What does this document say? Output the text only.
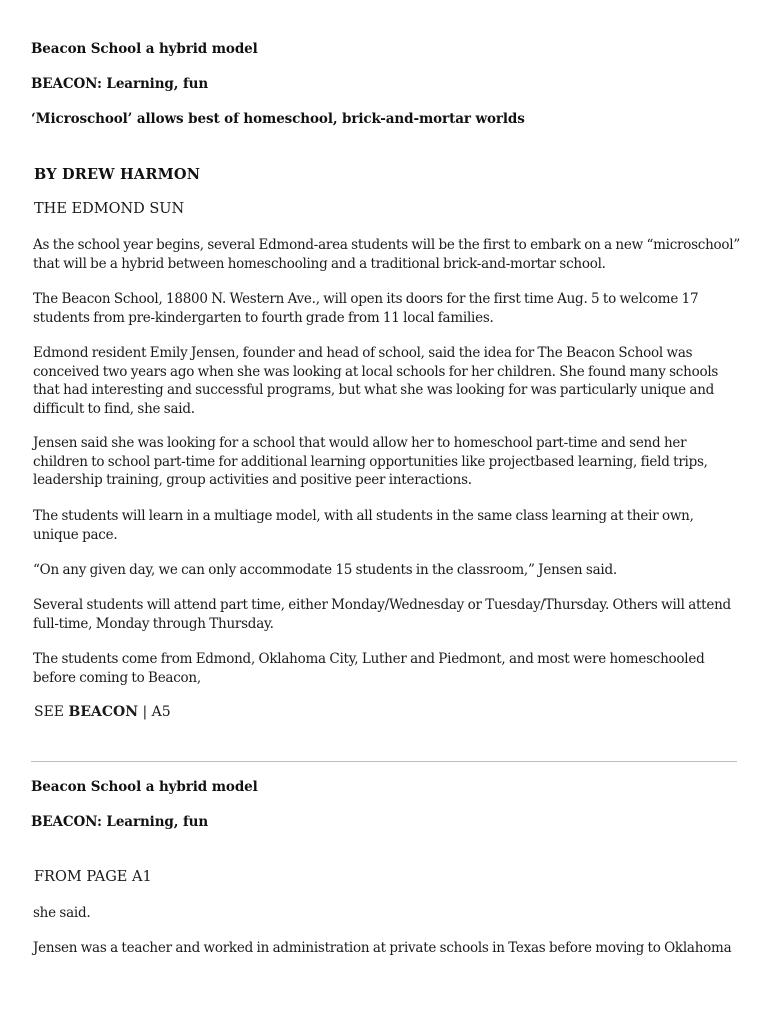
Beacon School a hybrid model
BEACON: Learning, fun
‘Microschool’ allows best of homeschool, brick-and-mortar worlds
BY DREW HARMON
THE EDMOND SUN
As the school year begins, several Edmond-area students will be the first to embark on a new “microschool” that will be a hybrid between homeschooling and a traditional brick-and-mortar school.
The Beacon School, 18800 N. Western Ave., will open its doors for the first time Aug. 5 to welcome 17 students from pre-kindergarten to fourth grade from 11 local families.
Edmond resident Emily Jensen, founder and head of school, said the idea for The Beacon School was conceived two years ago when she was looking at local schools for her children. She found many schools that had interesting and successful programs, but what she was looking for was particularly unique and difficult to find, she said.
Jensen said she was looking for a school that would allow her to homeschool part-time and send her children to school part-time for additional learning opportunities like projectbased learning, field trips, leadership training, group activities and positive peer interactions.
The students will learn in a multiage model, with all students in the same class learning at their own, unique pace.
“On any given day, we can only accommodate 15 students in the classroom,” Jensen said.
Several students will attend part time, either Monday/Wednesday or Tuesday/Thursday. Others will attend full-time, Monday through Thursday.
The students come from Edmond, Oklahoma City, Luther and Piedmont, and most were homeschooled before coming to Beacon,
SEE BEACON | A5
Beacon School a hybrid model
BEACON: Learning, fun
FROM PAGE A1
she said.
Jensen was a teacher and worked in administration at private schools in Texas before moving to Oklahoma
